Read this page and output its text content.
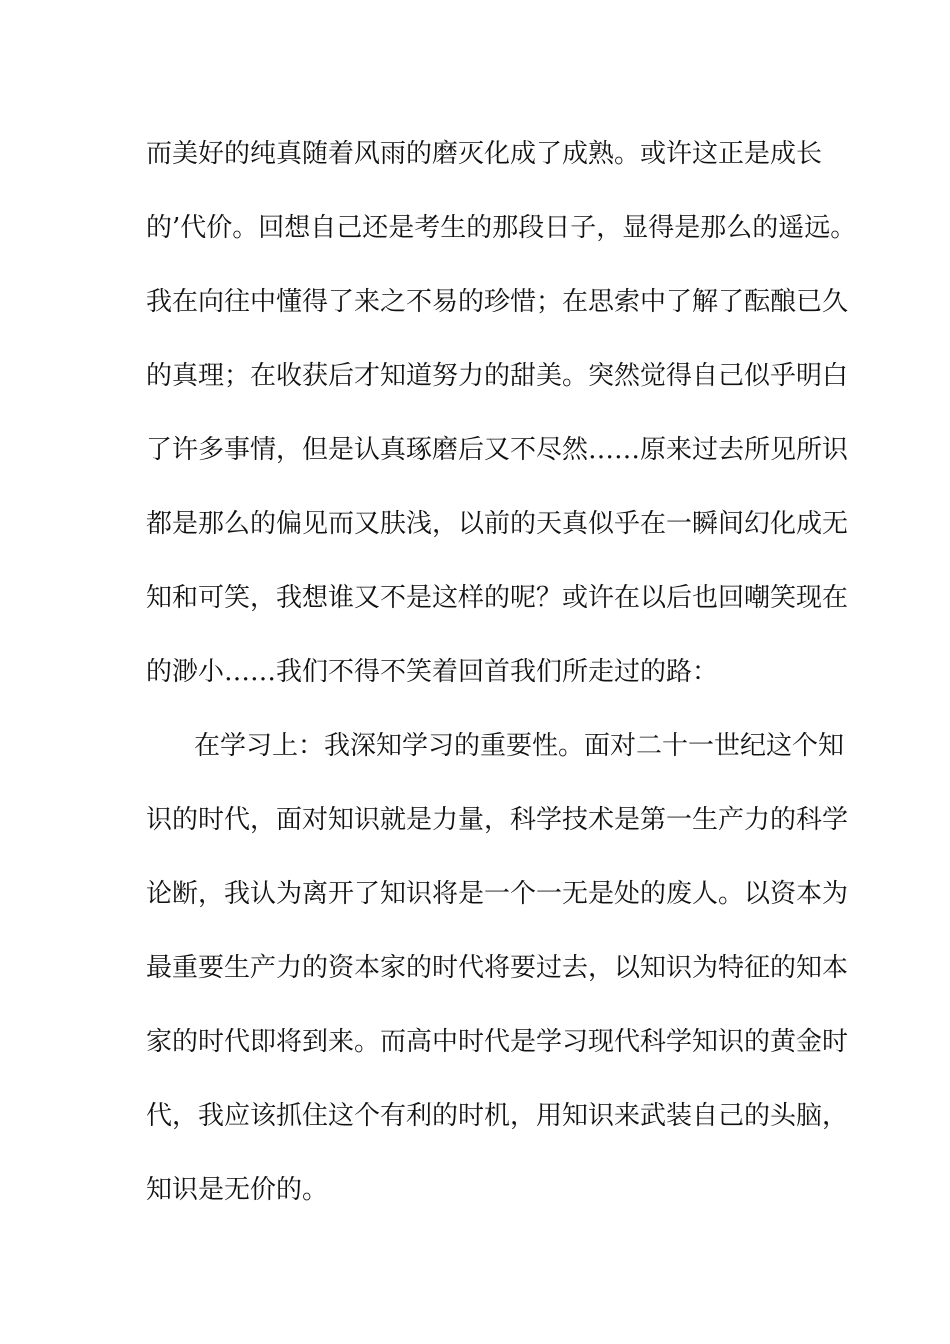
而美好的纯真随着风雨的磨灭化成了成熟。或许这正是成长
的’代价。回想自己还是考生的那段日子，显得是那么的遥远。
我在向往中懂得了来之不易的珍惜；在思索中了解了酝酿已久
的真理；在收获后才知道努力的甜美。突然觉得自己似乎明白
了许多事情，但是认真琢磨后又不尽然……原来过去所见所识
都是那么的偏见而又肤浅，以前的天真似乎在一瞬间幻化成无
知和可笑，我想谁又不是这样的呢？或许在以后也回嘲笑现在
的渺小……我们不得不笑着回首我们所走过的路：
在学习上：我深知学习的重要性。面对二十一世纪这个知
识的时代，面对知识就是力量，科学技术是第一生产力的科学
论断，我认为离开了知识将是一个一无是处的废人。以资本为
最重要生产力的资本家的时代将要过去，以知识为特征的知本
家的时代即将到来。而高中时代是学习现代科学知识的黄金时
代，我应该抓住这个有利的时机，用知识来武装自己的头脑，
知识是无价的。
